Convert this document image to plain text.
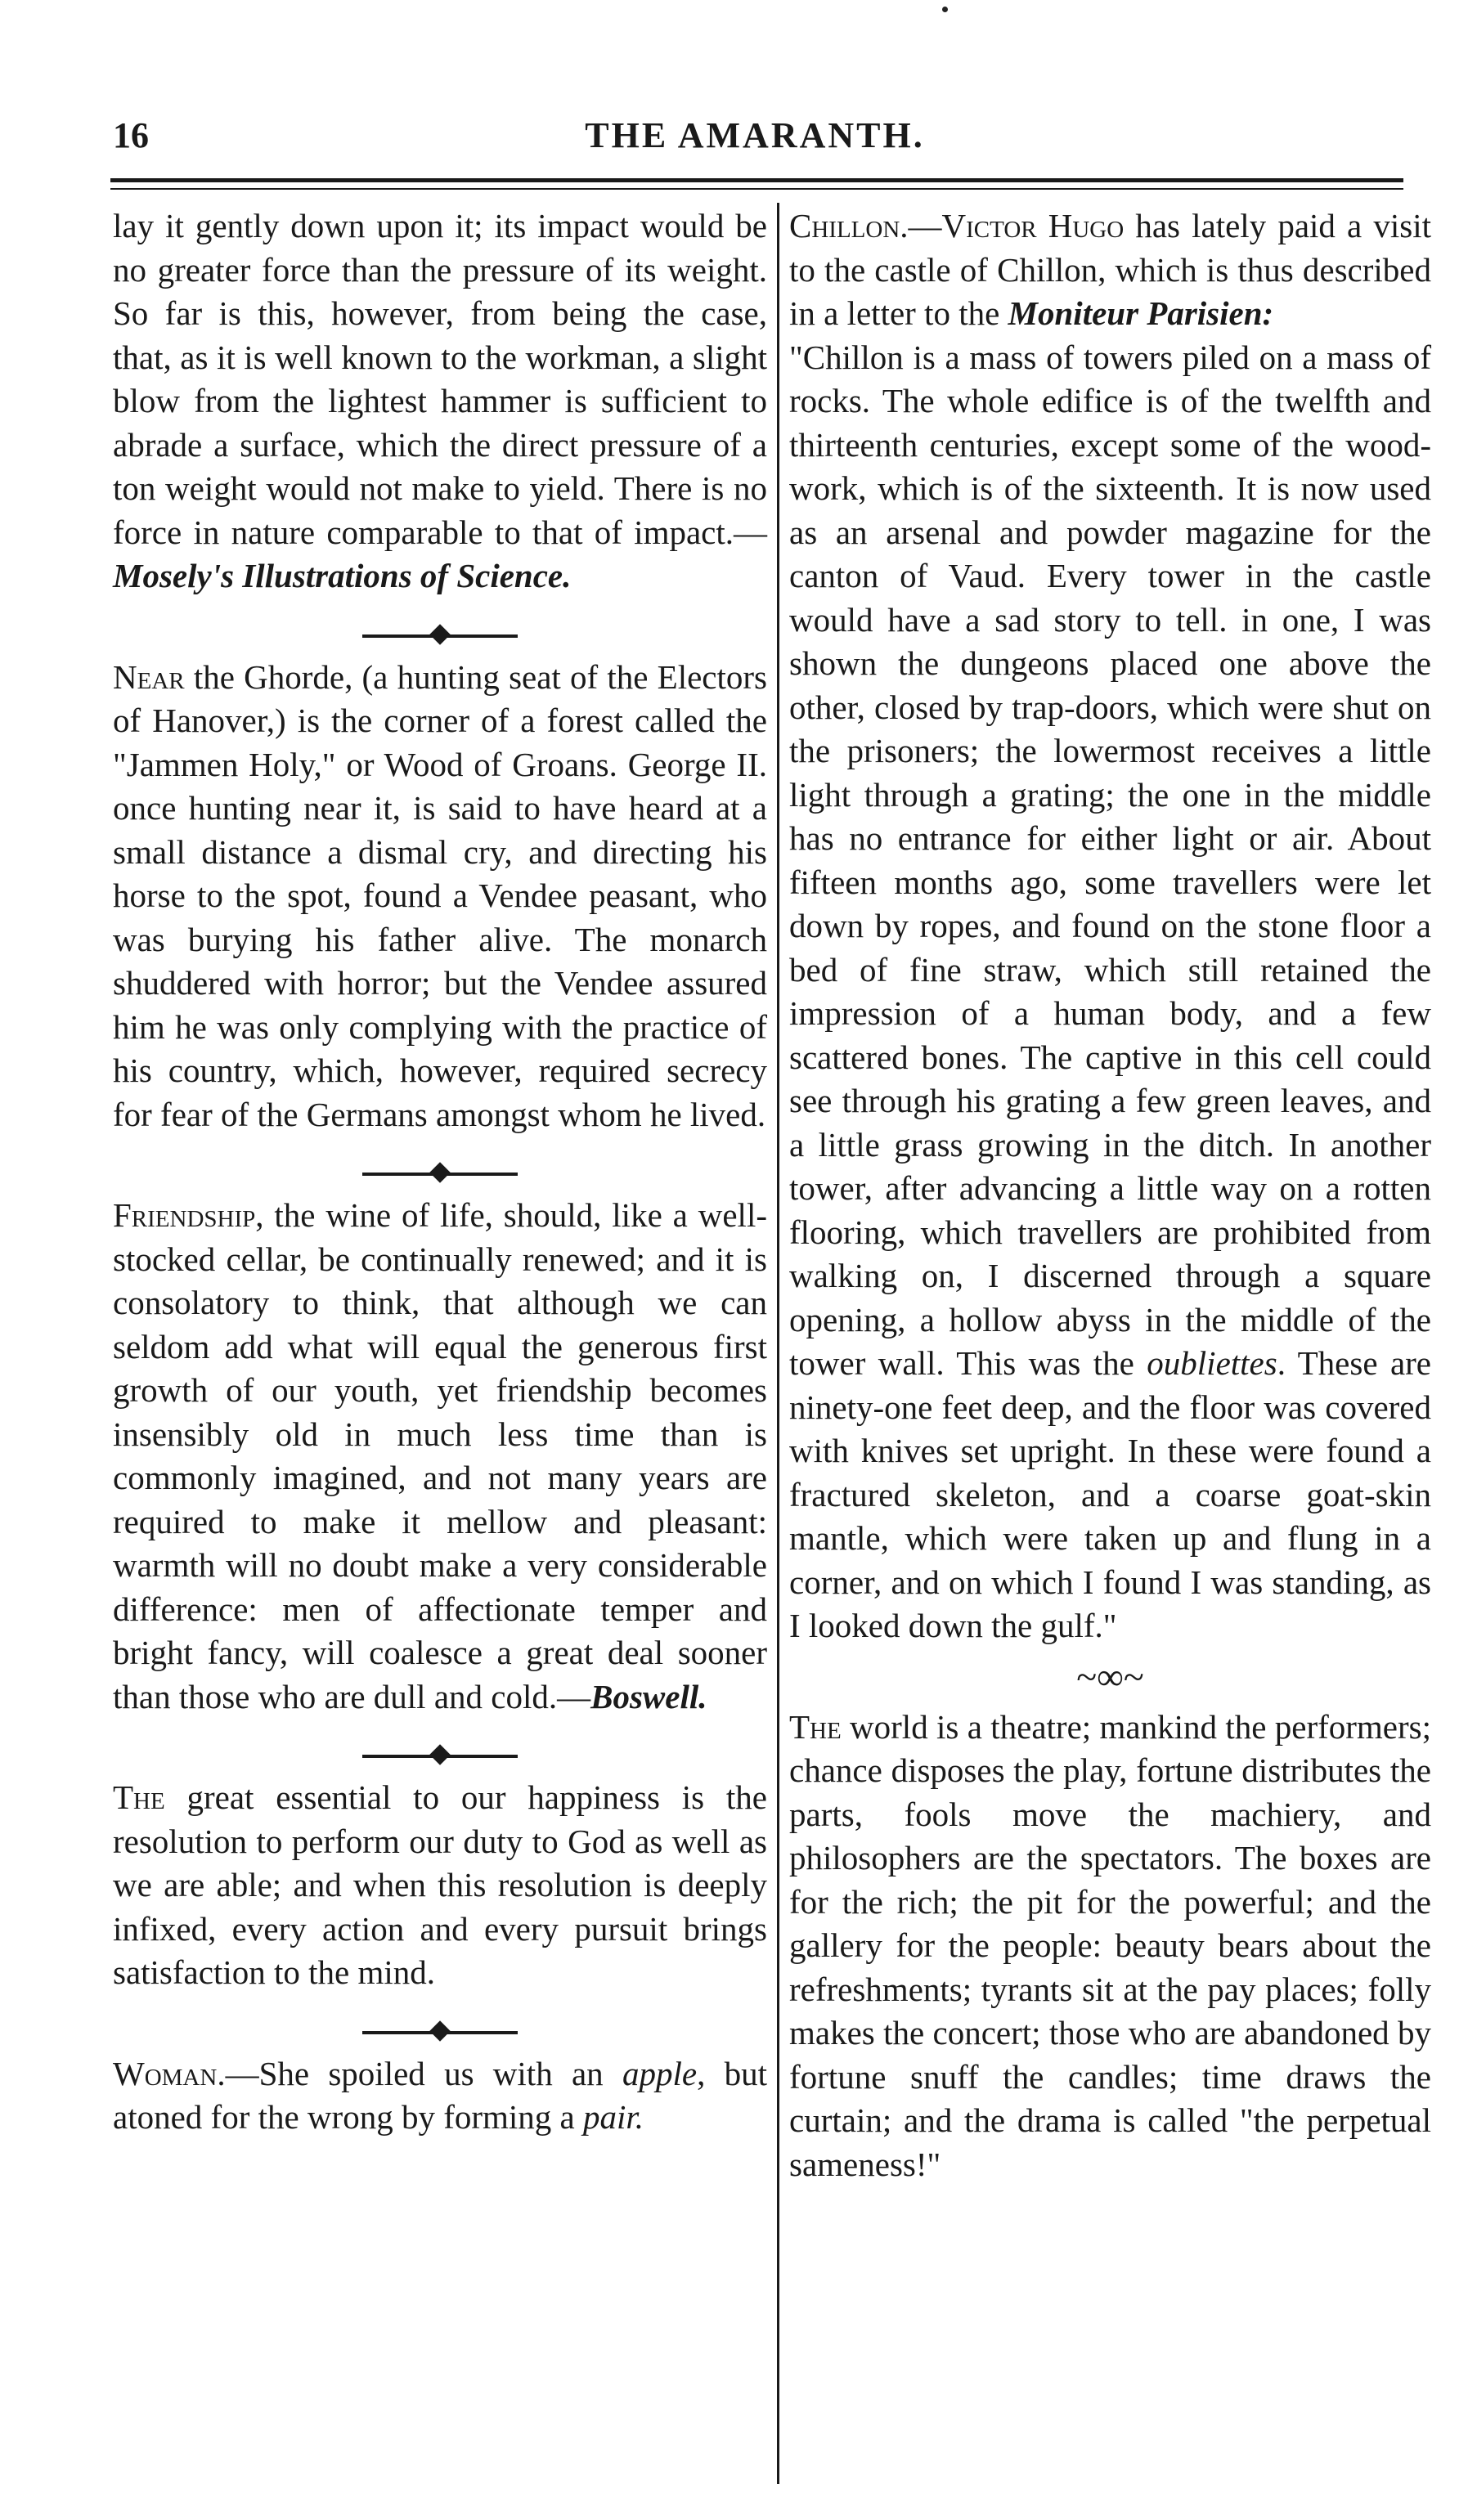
16	THE AMARANTH.

lay it gently down upon it; its impact would be no greater force than the pressure of its weight. So far is this, however, from being the case, that, as it is well known to the workman, a slight blow from the lightest hammer is sufficient to abrade a surface, which the direct pressure of a ton weight would not make to yield. There is no force in nature comparable to that of impact.—Mosely's Illustrations of Science.

Near the Ghorde, (a hunting seat of the Electors of Hanover,) is the corner of a forest called the "Jammen Holy," or Wood of Groans. George II. once hunting near it, is said to have heard at a small distance a dismal cry, and directing his horse to the spot, found a Vendee peasant, who was burying his father alive. The monarch shuddered with horror; but the Vendee assured him he was only complying with the practice of his country, which, however, required secrecy for fear of the Germans amongst whom he lived.

Friendship, the wine of life, should, like a well-stocked cellar, be continually renewed; and it is consolatory to think, that although we can seldom add what will equal the generous first growth of our youth, yet friendship becomes insensibly old in much less time than is commonly imagined, and not many years are required to make it mellow and pleasant: warmth will no doubt make a very considerable difference: men of affectionate temper and bright fancy, will coalesce a great deal sooner than those who are dull and cold.—Boswell.

The great essential to our happiness is the resolution to perform our duty to God as well as we are able; and when this resolution is deeply infixed, every action and every pursuit brings satisfaction to the mind.

Woman.—She spoiled us with an apple, but atoned for the wrong by forming a pair.

Chillon.—Victor Hugo has lately paid a visit to the castle of Chillon, which is thus described in a letter to the Moniteur Parisien:

"Chillon is a mass of towers piled on a mass of rocks. The whole edifice is of the twelfth and thirteenth centuries, except some of the wood-work, which is of the sixteenth. It is now used as an arsenal and powder magazine for the canton of Vaud. Every tower in the castle would have a sad story to tell. in one, I was shown the dungeons placed one above the other, closed by trap-doors, which were shut on the prisoners; the lowermost receives a little light through a grating; the one in the middle has no entrance for either light or air. About fifteen months ago, some travellers were let down by ropes, and found on the stone floor a bed of fine straw, which still retained the impression of a human body, and a few scattered bones. The captive in this cell could see through his grating a few green leaves, and a little grass growing in the ditch. In another tower, after advancing a little way on a rotten flooring, which travellers are prohibited from walking on, I discerned through a square opening, a hollow abyss in the middle of the tower wall. This was the oubliettes. These are ninety-one feet deep, and the floor was covered with knives set upright. In these were found a fractured skeleton, and a coarse goat-skin mantle, which were taken up and flung in a corner, and on which I found I was standing, as I looked down the gulf."

~∞~

The world is a theatre; mankind the performers; chance disposes the play, fortune distributes the parts, fools move the machiery, and philosophers are the spectators. The boxes are for the rich; the pit for the powerful; and the gallery for the people: beauty bears about the refreshments; tyrants sit at the pay places; folly makes the concert; those who are abandoned by fortune snuff the candles; time draws the curtain; and the drama is called "the perpetual sameness!"
